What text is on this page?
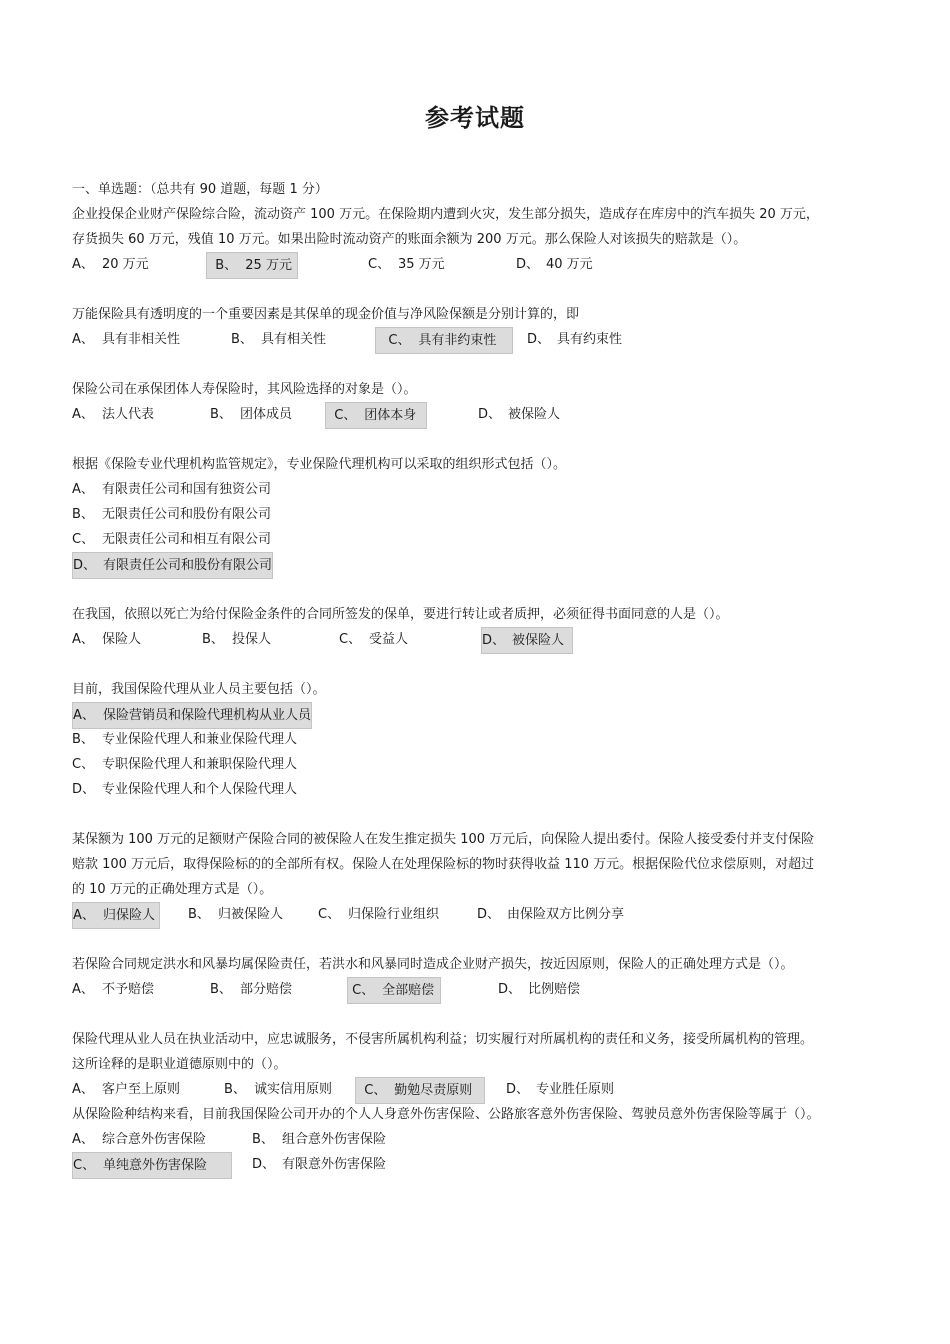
参考试题
一、单选题：（总共有 90 道题，每题 1 分）
企业投保企业财产保险综合险，流动资产 100 万元。在保险期内遭到火灾，发生部分损失，造成存在库房中的汽车损失 20 万元，
存货损失 60 万元，残值 10 万元。如果出险时流动资产的账面余额为 200 万元。那么保险人对该损失的赔款是（）。
A、 20 万元	B、 25 万元	C、 35 万元	D、 40 万元
万能保险具有透明度的一个重要因素是其保单的现金价值与净风险保额是分别计算的，即
A、 具有非相关性	B、 具有相关性	C、 具有非约束性	D、 具有约束性
保险公司在承保团体人寿保险时，其风险选择的对象是（）。
A、 法人代表	B、 团体成员	C、 团体本身	D、 被保险人
根据《保险专业代理机构监管规定》，专业保险代理机构可以采取的组织形式包括（）。
A、 有限责任公司和国有独资公司
B、 无限责任公司和股份有限公司
C、 无限责任公司和相互有限公司
D、 有限责任公司和股份有限公司
在我国，依照以死亡为给付保险金条件的合同所签发的保单，要进行转让或者质押，必须征得书面同意的人是（）。
A、 保险人	B、 投保人	C、 受益人	D、 被保险人
目前，我国保险代理从业人员主要包括（）。
A、 保险营销员和保险代理机构从业人员
B、 专业保险代理人和兼业保险代理人
C、 专职保险代理人和兼职保险代理人
D、 专业保险代理人和个人保险代理人
某保额为 100 万元的足额财产保险合同的被保险人在发生推定损失 100 万元后，向保险人提出委付。保险人接受委付并支付保险
赔款 100 万元后，取得保险标的的全部所有权。保险人在处理保险标的物时获得收益 110 万元。根据保险代位求偿原则，对超过
的 10 万元的正确处理方式是（）。
A、 归保险人	B、 归被保险人	C、 归保险行业组织	D、 由保险双方比例分享
若保险合同规定洪水和风暴均属保险责任，若洪水和风暴同时造成企业财产损失，按近因原则，保险人的正确处理方式是（）。
A、 不予赔偿	B、 部分赔偿	C、 全部赔偿	D、 比例赔偿
保险代理从业人员在执业活动中，应忠诚服务，不侵害所属机构利益；切实履行对所属机构的责任和义务，接受所属机构的管理。
这所诠释的是职业道德原则中的（）。
A、 客户至上原则	B、 诚实信用原则	C、 勤勉尽责原则	D、 专业胜任原则
从保险险种结构来看，目前我国保险公司开办的个人人身意外伤害保险、公路旅客意外伤害保险、驾驶员意外伤害保险等属于（）。
A、 综合意外伤害保险	B、 组合意外伤害保险
C、 单纯意外伤害保险	D、 有限意外伤害保险
